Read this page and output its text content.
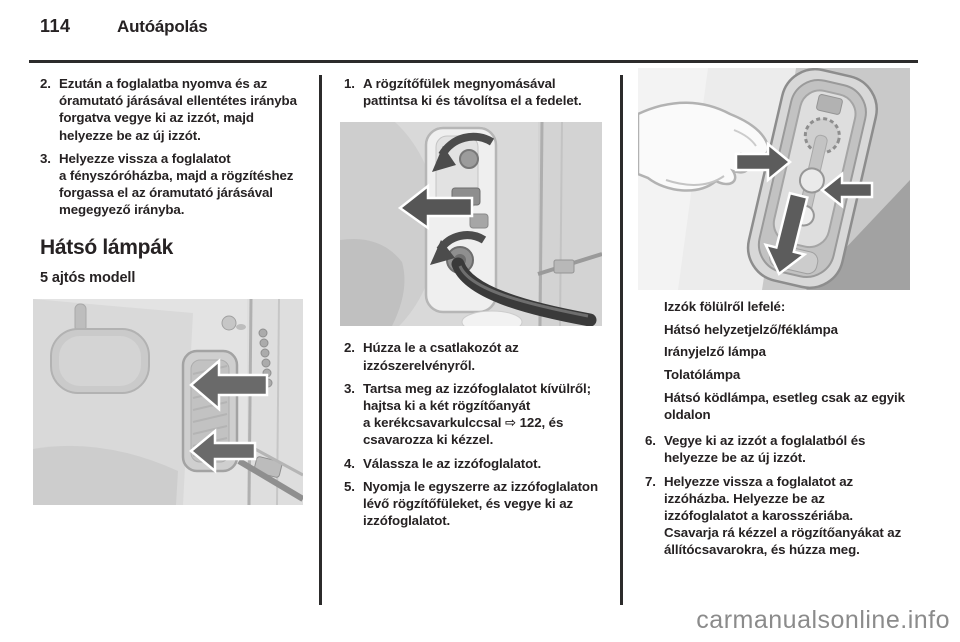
114	Autóápolás
2. Ezután a foglalatba nyomva és az óramutató járásával ellentétes irányba forgatva vegye ki az izzót, majd helyezze be az új izzót.
3. Helyezze vissza a foglalatot a fényszóróházba, majd a rögzítéshez forgassa el az óramutató járásával megegyező irányba.
Hátsó lámpák
5 ajtós modell
1. A rögzítőfülek megnyomásával pattintsa ki és távolítsa el a fedelet.
2. Húzza le a csatlakozót az izzószerelvényről.
3. Tartsa meg az izzófoglalatot kívülről; hajtsa ki a két rögzítőanyát a kerékcsavarkulccsal ⇨ 122, és csavarozza ki kézzel.
4. Válassza le az izzófoglalatot.
5. Nyomja le egyszerre az izzófoglalaton lévő rögzítőfüleket, és vegye ki az izzófoglalatot.
Izzók fölülről lefelé:
Hátsó helyzetjelző/féklámpa
Irányjelző lámpa
Tolatólámpa
Hátsó ködlámpa, esetleg csak az egyik oldalon
6. Vegye ki az izzót a foglalatból és helyezze be az új izzót.
7. Helyezze vissza a foglalatot az izzóházba. Helyezze be az izzófoglalatot a karosszériába. Csavarja rá kézzel a rögzítőanyákat az állítócsavarokra, és húzza meg.
carmanualsonline.info
